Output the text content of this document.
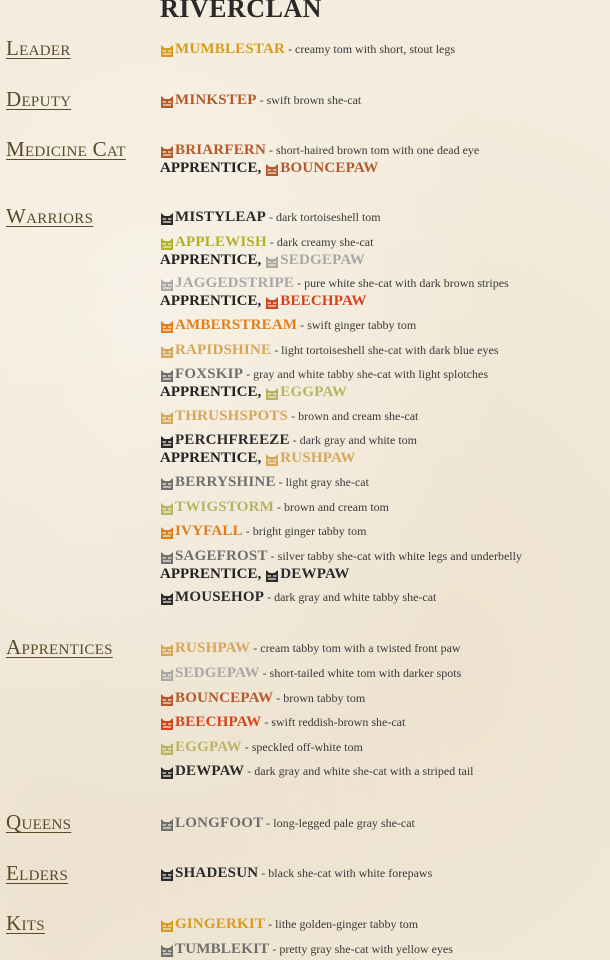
RIVERCLAN
Leader
Deputy
Medicine Cat
Warriors
Apprentices
Queens
Elders
Kits
MUMBLESTAR - creamy tom with short, stout legs
MINKSTEP - swift brown she-cat
BRIARFERN - short-haired brown tom with one dead eye
APPRENTICE, BOUNCEPAW
MISTYLEAP - dark tortoiseshell tom
APPLEWISH - dark creamy she-cat
APPRENTICE, SEDGEPAW
JAGGEDSTRIPE - pure white she-cat with dark brown stripes
APPRENTICE, BEECHPAW
AMBERSTREAM - swift ginger tabby tom
RAPIDSHINE - light tortoiseshell she-cat with dark blue eyes
FOXSKIP - gray and white tabby she-cat with light splotches
APPRENTICE, EGGPAW
THRUSHSPOTS - brown and cream she-cat
PERCHFREEZE - dark gray and white tom
APPRENTICE, RUSHPAW
BERRYSHINE - light gray she-cat
TWIGSTORM - brown and cream tom
IVYFALL - bright ginger tabby tom
SAGEFROST - silver tabby she-cat with white legs and underbelly
APPRENTICE, DEWPAW
MOUSEHOP - dark gray and white tabby she-cat
RUSHPAW - cream tabby tom with a twisted front paw
SEDGEPAW - short-tailed white tom with darker spots
BOUNCEPAW - brown tabby tom
BEECHPAW - swift reddish-brown she-cat
EGGPAW - speckled off-white tom
DEWPAW - dark gray and white she-cat with a striped tail
LONGFOOT - long-legged pale gray she-cat
SHADESUN - black she-cat with white forepaws
GINGERKIT - lithe golden-ginger tabby tom
TUMBLEKIT - pretty gray she-cat with yellow eyes
